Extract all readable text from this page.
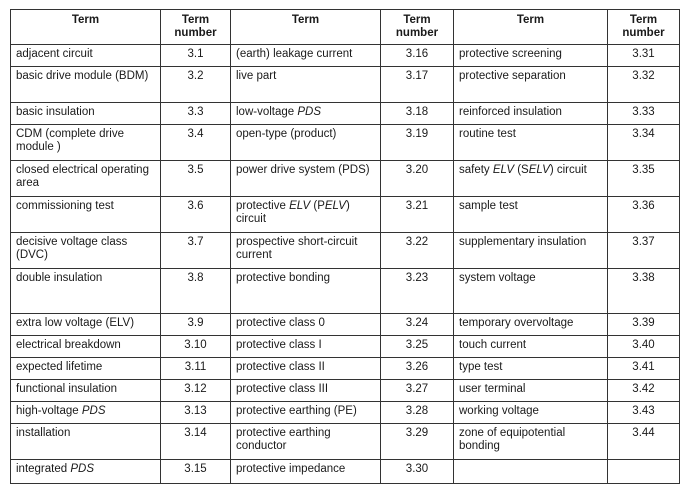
Term	Term number	Term	Term number	Term	Term number
adjacent circuit	3.1	(earth) leakage current	3.16	protective screening	3.31
basic drive module (BDM)	3.2	live part	3.17	protective separation	3.32
basic insulation	3.3	low-voltage PDS	3.18	reinforced insulation	3.33
CDM (complete drive module )	3.4	open-type (product)	3.19	routine test	3.34
closed electrical operating area	3.5	power drive system (PDS)	3.20	safety ELV (SELV) circuit	3.35
commissioning test	3.6	protective ELV (PELV) circuit	3.21	sample test	3.36
decisive voltage class (DVC)	3.7	prospective short-circuit current	3.22	supplementary insulation	3.37
double insulation	3.8	protective bonding	3.23	system voltage	3.38
extra low voltage (ELV)	3.9	protective class 0	3.24	temporary overvoltage	3.39
electrical breakdown	3.10	protective class I	3.25	touch current	3.40
expected lifetime	3.11	protective class II	3.26	type test	3.41
functional insulation	3.12	protective class III	3.27	user terminal	3.42
high-voltage PDS	3.13	protective earthing (PE)	3.28	working voltage	3.43
installation	3.14	protective earthing conductor	3.29	zone of equipotential bonding	3.44
integrated PDS	3.15	protective impedance	3.30		
